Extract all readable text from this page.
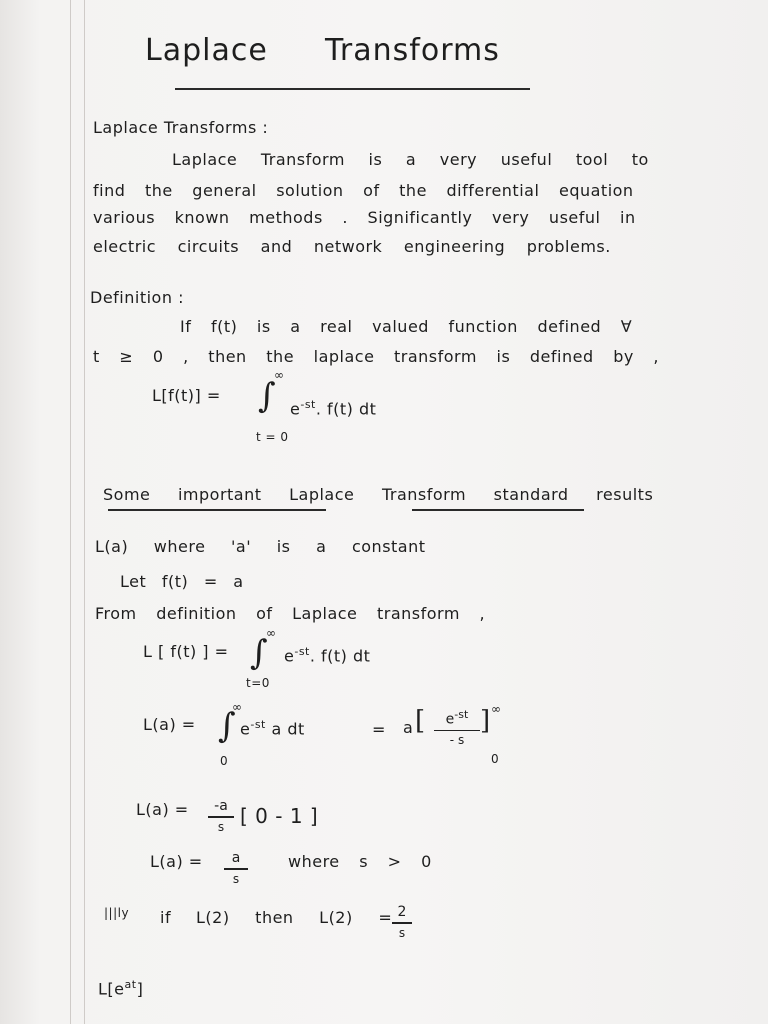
Laplace Transforms
Laplace Transforms :
Laplace Transform is a very useful tool to
find the general solution of the differential equation
various known methods . Significantly very useful in
electric circuits and network engineering problems.
Definition :
If f(t) is a real valued function defined ∀
t ≥ 0 , then the laplace transform is defined by ,
L[f(t)] = ∫
∞
$e^{-st}$. f(t) dt
t = 0
Some important Laplace Transform standard results
L(a) where 'a' is a constant
Let f(t) = a
From definition of Laplace transform ,
L [ f(t) ] = ∫
∞
$e^{-st}$. f(t) dt
t=0
L(a) = ∫
∞
$e^{-st}$ a dt
0
= a [	$e^{-st}$
- s
] ∞
0
L(a) =	-a
s [ 0 - 1 ]
L(a) =	a
s
where s > 0
|||ly if L(2) then L(2) = 2
s
$L[e^{at}]$
